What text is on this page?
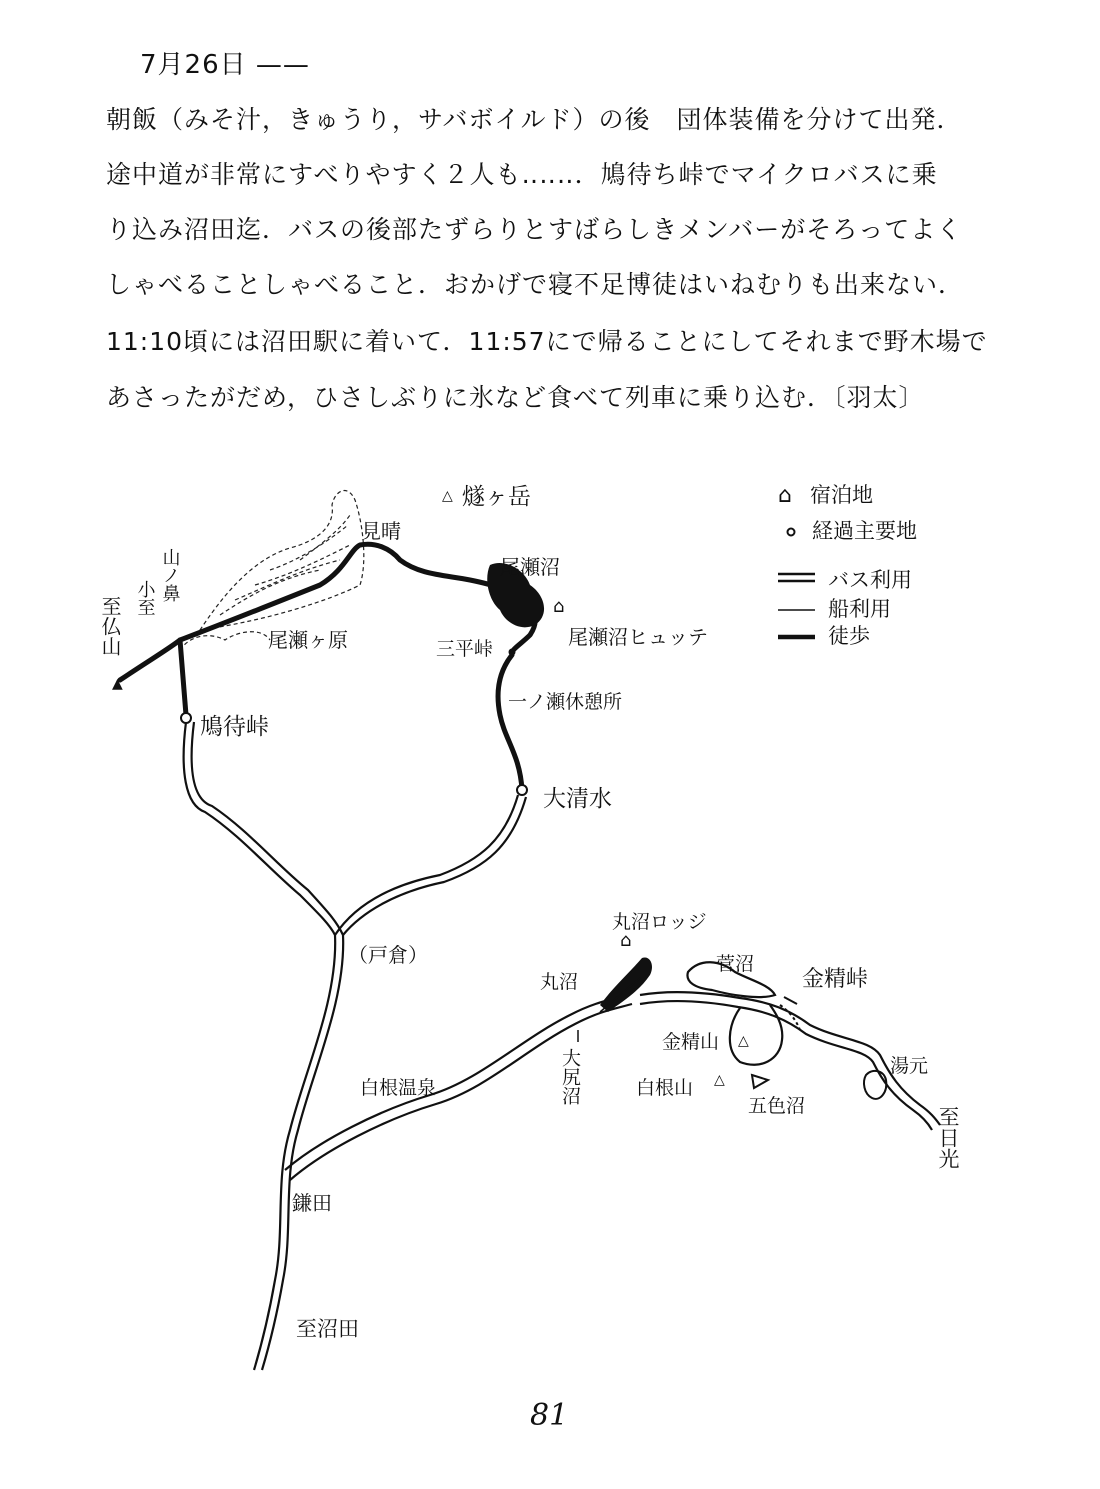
7月26日 ——
朝飯（みそ汁，きゅうり，サバボイルド）の後　団体装備を分けて出発．
途中道が非常にすべりやすく２人も‥‥‥．鳩待ち峠でマイクロバスに乗
り込み沼田迄．バスの後部たずらりとすばらしきメンバーがそろってよく
しゃべることしゃべること．おかげで寝不足博徒はいねむりも出来ない．
11:10頃には沼田駅に着いて．11:57にで帰ることにしてそれまで野木場で
あさったがだめ，ひさしぶりに氷など食べて列車に乗り込む．〔羽太〕
⌂ 宿泊地
経過主要地
バス利用
船利用
徒歩
⌂
⌂
△
▲
△
△
燧ヶ岳
見晴
尾瀬沼
尾瀬沼ヒュッテ
三平峠
一ノ瀬休憩所
大清水
尾瀬ヶ原
鳩待峠
（戸倉）
丸沼ロッジ
丸沼
菅沼
金精峠
金精山
湯元
五色沼
白根山
白根温泉
鎌田
至沼田
至仏山
山ノ鼻
小至
大尻沼
至日光
81
